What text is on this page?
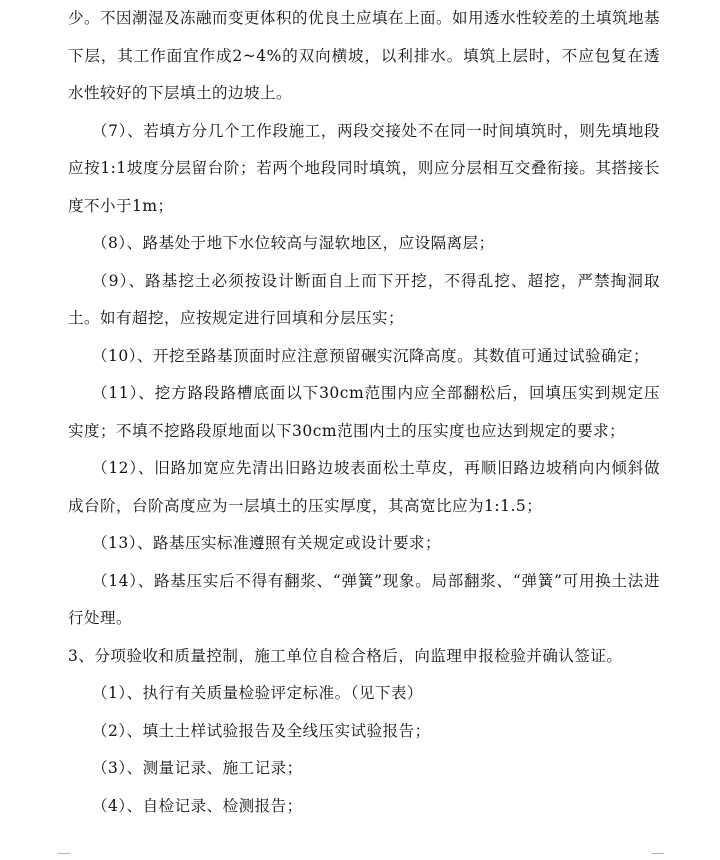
少。不因潮湿及冻融而变更体积的优良土应填在上面。如用透水性较差的土填筑地基下层，其工作面宜作成2~4%的双向横坡，以利排水。填筑上层时，不应包复在透水性较好的下层填土的边坡上。

（7）、若填方分几个工作段施工，两段交接处不在同一时间填筑时，则先填地段应按1:1坡度分层留台阶；若两个地段同时填筑，则应分层相互交叠衔接。其搭接长度不小于1m；

（8）、路基处于地下水位较高与湿软地区，应设隔离层；

（9）、路基挖土必须按设计断面自上而下开挖，不得乱挖、超挖，严禁掏洞取土。如有超挖，应按规定进行回填和分层压实；

（10）、开挖至路基顶面时应注意预留碾实沉降高度。其数值可通过试验确定；

（11）、挖方路段路槽底面以下30cm范围内应全部翻松后，回填压实到规定压实度；不填不挖路段原地面以下30cm范围内土的压实度也应达到规定的要求；

（12）、旧路加宽应先清出旧路边坡表面松土草皮，再顺旧路边坡稍向内倾斜做成台阶，台阶高度应为一层填土的压实厚度，其高宽比应为1:1.5；

（13）、路基压实标准遵照有关规定或设计要求；

（14）、路基压实后不得有翻浆、“弹簧”现象。局部翻浆、“弹簧”可用换土法进行处理。

3、分项验收和质量控制，施工单位自检合格后，向监理申报检验并确认签证。

（1）、执行有关质量检验评定标准。（见下表）

（2）、填土土样试验报告及全线压实试验报告；

（3）、测量记录、施工记录；

（4）、自检记录、检测报告；
